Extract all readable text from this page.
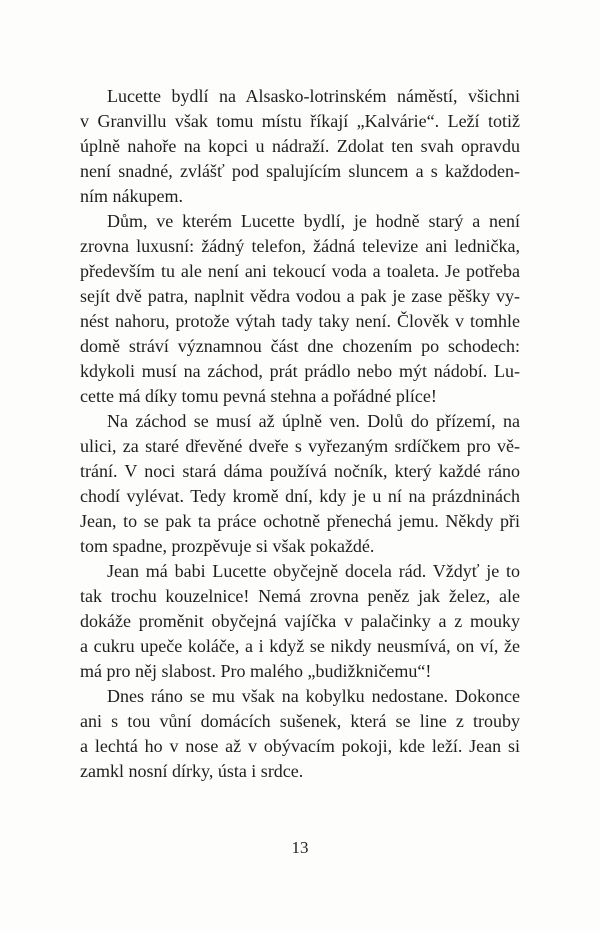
Lucette bydlí na Alsasko-lotrinském náměstí, všichni
v Granvillu však tomu místu říkají „Kalvárie“. Leží totiž
úplně nahoře na kopci u nádraží. Zdolat ten svah opravdu
není snadné, zvlášť pod spalujícím sluncem a s každoden-
ním nákupem.
Dům, ve kterém Lucette bydlí, je hodně starý a není
zrovna luxusní: žádný telefon, žádná televize ani lednička,
především tu ale není ani tekoucí voda a toaleta. Je potřeba
sejít dvě patra, naplnit vědra vodou a pak je zase pěšky vy-
nést nahoru, protože výtah tady taky není. Člověk v tomhle
domě stráví významnou část dne chozením po schodech:
kdykoli musí na záchod, prát prádlo nebo mýt nádobí. Lu-
cette má díky tomu pevná stehna a pořádné plíce!
Na záchod se musí až úplně ven. Dolů do přízemí, na
ulici, za staré dřevěné dveře s vyřezaným srdíčkem pro vě-
trání. V noci stará dáma používá nočník, který každé ráno
chodí vylévat. Tedy kromě dní, kdy je u ní na prázdninách
Jean, to se pak ta práce ochotně přenechá jemu. Někdy při
tom spadne, prozpěvuje si však pokaždé.
Jean má babi Lucette obyčejně docela rád. Vždyť je to
tak trochu kouzelnice! Nemá zrovna peněz jak želez, ale
dokáže proměnit obyčejná vajíčka v palačinky a z mouky
a cukru upeče koláče, a i když se nikdy neusmívá, on ví, že
má pro něj slabost. Pro malého „budižkničemu“!
Dnes ráno se mu však na kobylku nedostane. Dokonce
ani s tou vůní domácích sušenek, která se line z trouby
a lechtá ho v nose až v obývacím pokoji, kde leží. Jean si
zamkl nosní dírky, ústa i srdce.
13
